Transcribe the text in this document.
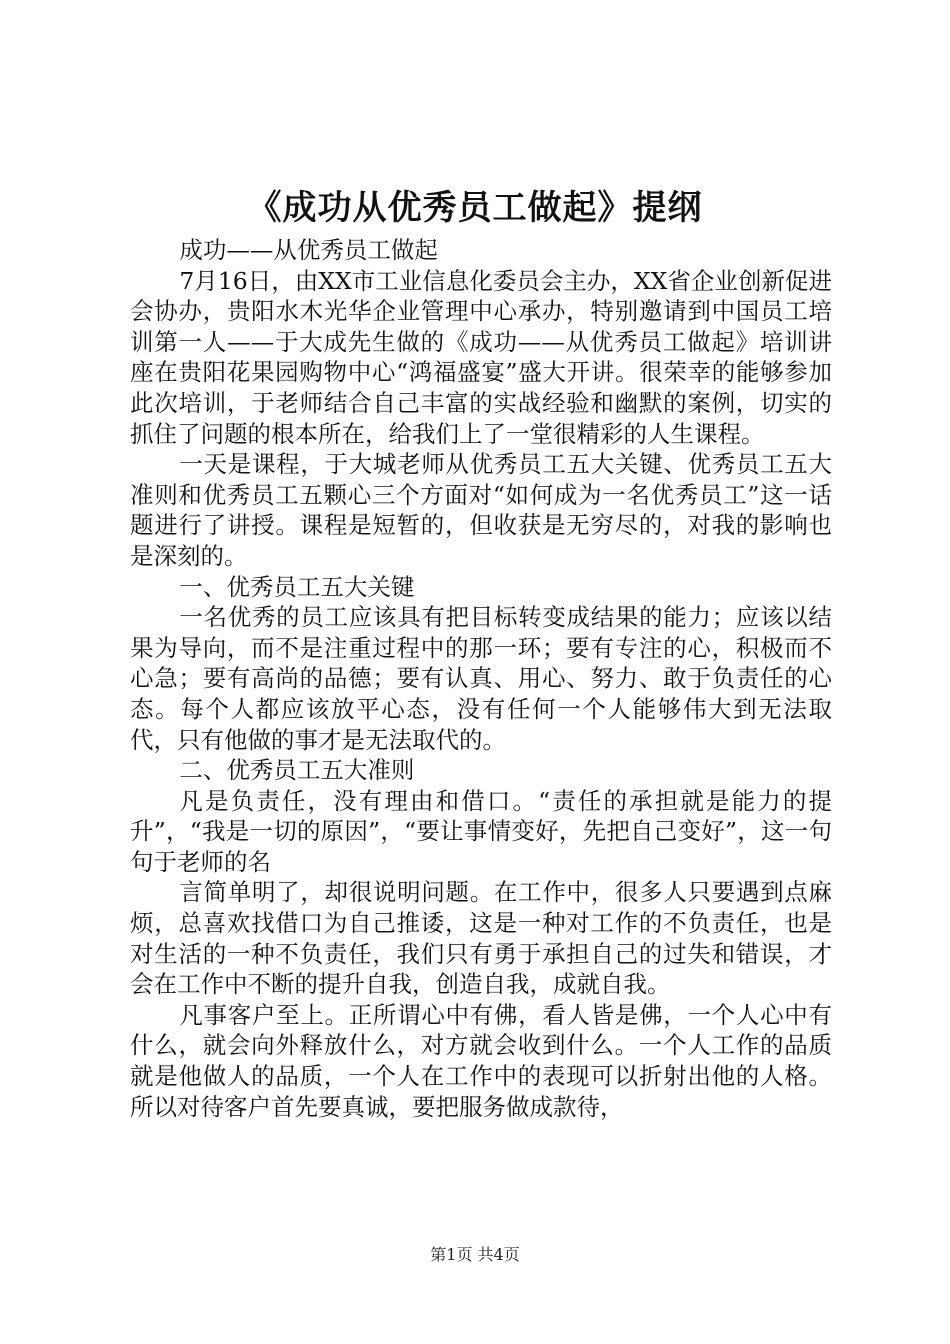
《成功从优秀员工做起》提纲

成功——从优秀员工做起

7月16日，由XX市工业信息化委员会主办，XX省企业创新促进会协办，贵阳水木光华企业管理中心承办，特别邀请到中国员工培训第一人——于大成先生做的《成功——从优秀员工做起》培训讲座在贵阳花果园购物中心“鸿福盛宴”盛大开讲。很荣幸的能够参加此次培训，于老师结合自己丰富的实战经验和幽默的案例，切实的抓住了问题的根本所在，给我们上了一堂很精彩的人生课程。

一天是课程，于大城老师从优秀员工五大关键、优秀员工五大准则和优秀员工五颗心三个方面对“如何成为一名优秀员工”这一话题进行了讲授。课程是短暂的，但收获是无穷尽的，对我的影响也是深刻的。

一、优秀员工五大关键

一名优秀的员工应该具有把目标转变成结果的能力；应该以结果为导向，而不是注重过程中的那一环；要有专注的心，积极而不心急；要有高尚的品德；要有认真、用心、努力、敢于负责任的心态。每个人都应该放平心态，没有任何一个人能够伟大到无法取代，只有他做的事才是无法取代的。

二、优秀员工五大准则

凡是负责任，没有理由和借口。“责任的承担就是能力的提升”，“我是一切的原因”，“要让事情变好，先把自己变好”，这一句句于老师的名

言简单明了，却很说明问题。在工作中，很多人只要遇到点麻烦，总喜欢找借口为自己推诿，这是一种对工作的不负责任，也是对生活的一种不负责任，我们只有勇于承担自己的过失和错误，才会在工作中不断的提升自我，创造自我，成就自我。

凡事客户至上。正所谓心中有佛，看人皆是佛，一个人心中有什么，就会向外释放什么，对方就会收到什么。一个人工作的品质就是他做人的品质，一个人在工作中的表现可以折射出他的人格。所以对待客户首先要真诚，要把服务做成款待，

第1页 共4页
